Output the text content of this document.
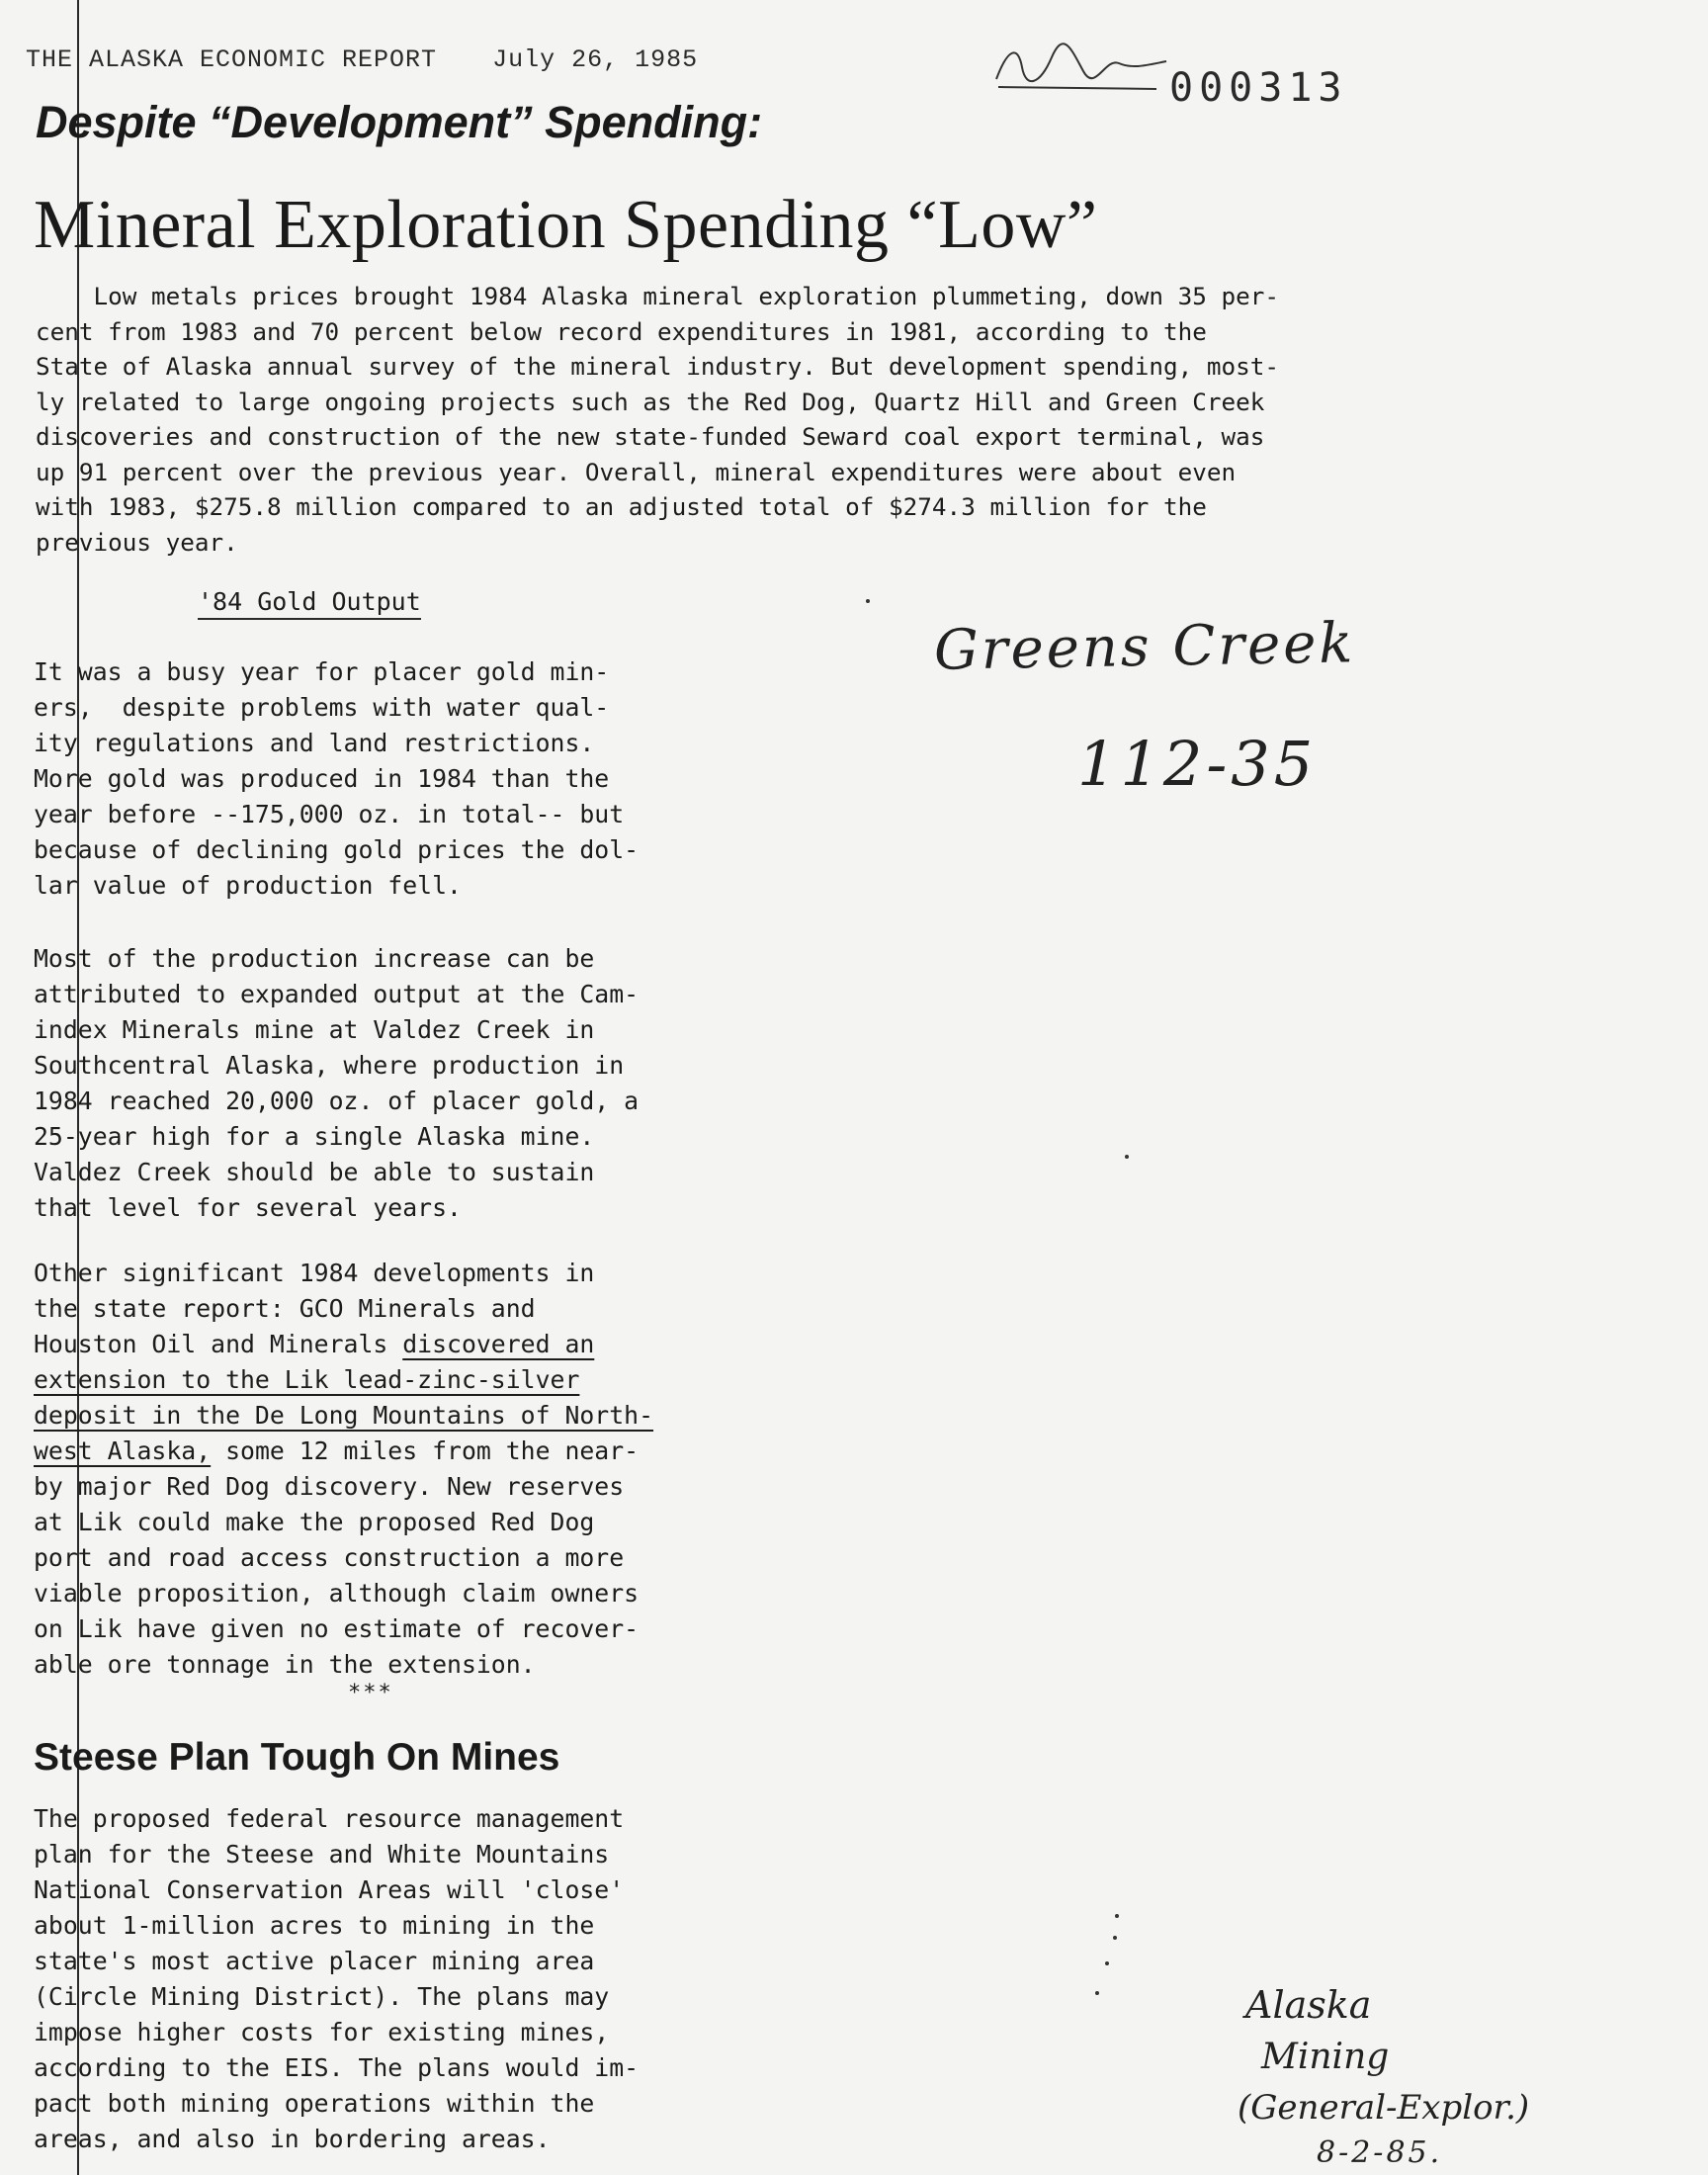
THE ALASKA ECONOMIC REPORT July 26, 1985
000313
Despite “Development” Spending:
Mineral Exploration Spending “Low”
Low metals prices brought 1984 Alaska mineral exploration plummeting, down 35 per-
cent from 1983 and 70 percent below record expenditures in 1981, according to the
State of Alaska annual survey of the mineral industry. But development spending, most-
ly related to large ongoing projects such as the Red Dog, Quartz Hill and Green Creek
discoveries and construction of the new state-funded Seward coal export terminal, was
up 91 percent over the previous year. Overall, mineral expenditures were about even
with 1983, $275.8 million compared to an adjusted total of $274.3 million for the
previous year.
'84 Gold Output
It was a busy year for placer gold min-
ers,  despite problems with water qual-
ity regulations and land restrictions.
More gold was produced in 1984 than the
year before --175,000 oz. in total-- but
because of declining gold prices the dol-
lar value of production fell.
Most of the production increase can be
attributed to expanded output at the Cam-
index Minerals mine at Valdez Creek in
Southcentral Alaska, where production in
1984 reached 20,000 oz. of placer gold, a
25-year high for a single Alaska mine.
Valdez Creek should be able to sustain
that level for several years.
Other significant 1984 developments in
the state report: GCO Minerals and
Houston Oil and Minerals discovered an
extension to the Lik lead-zinc-silver
deposit in the De Long Mountains of North-
west Alaska, some 12 miles from the near-
by major Red Dog discovery. New reserves
at Lik could make the proposed Red Dog
port and road access construction a more
viable proposition, although claim owners
on Lik have given no estimate of recover-
able ore tonnage in the extension.
***
Steese Plan Tough On Mines
The proposed federal resource management
plan for the Steese and White Mountains
National Conservation Areas will 'close'
about 1-million acres to mining in the
state's most active placer mining area
(Circle Mining District). The plans may
impose higher costs for existing mines,
according to the EIS. The plans would im-
pact both mining operations within the
areas, and also in bordering areas.
Greens Creek
112-35
Alaska
Mining
(General-Explor.)
8-2-85.
